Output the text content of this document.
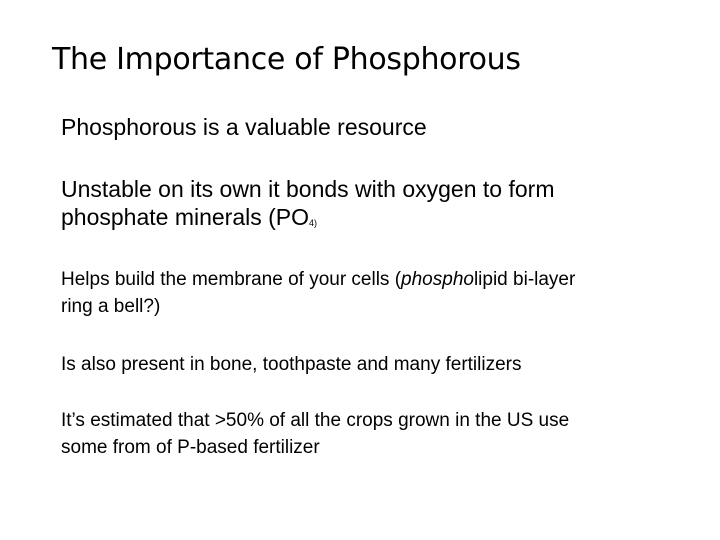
The Importance of Phosphorous

Phosphorous is a valuable resource

Unstable on its own it bonds with oxygen to form
phosphate minerals (PO4)

Helps build the membrane of your cells (phospholipid bi-layer
ring a bell?)

Is also present in bone, toothpaste and many fertilizers

It’s estimated that >50% of all the crops grown in the US use
some from of P-based fertilizer
